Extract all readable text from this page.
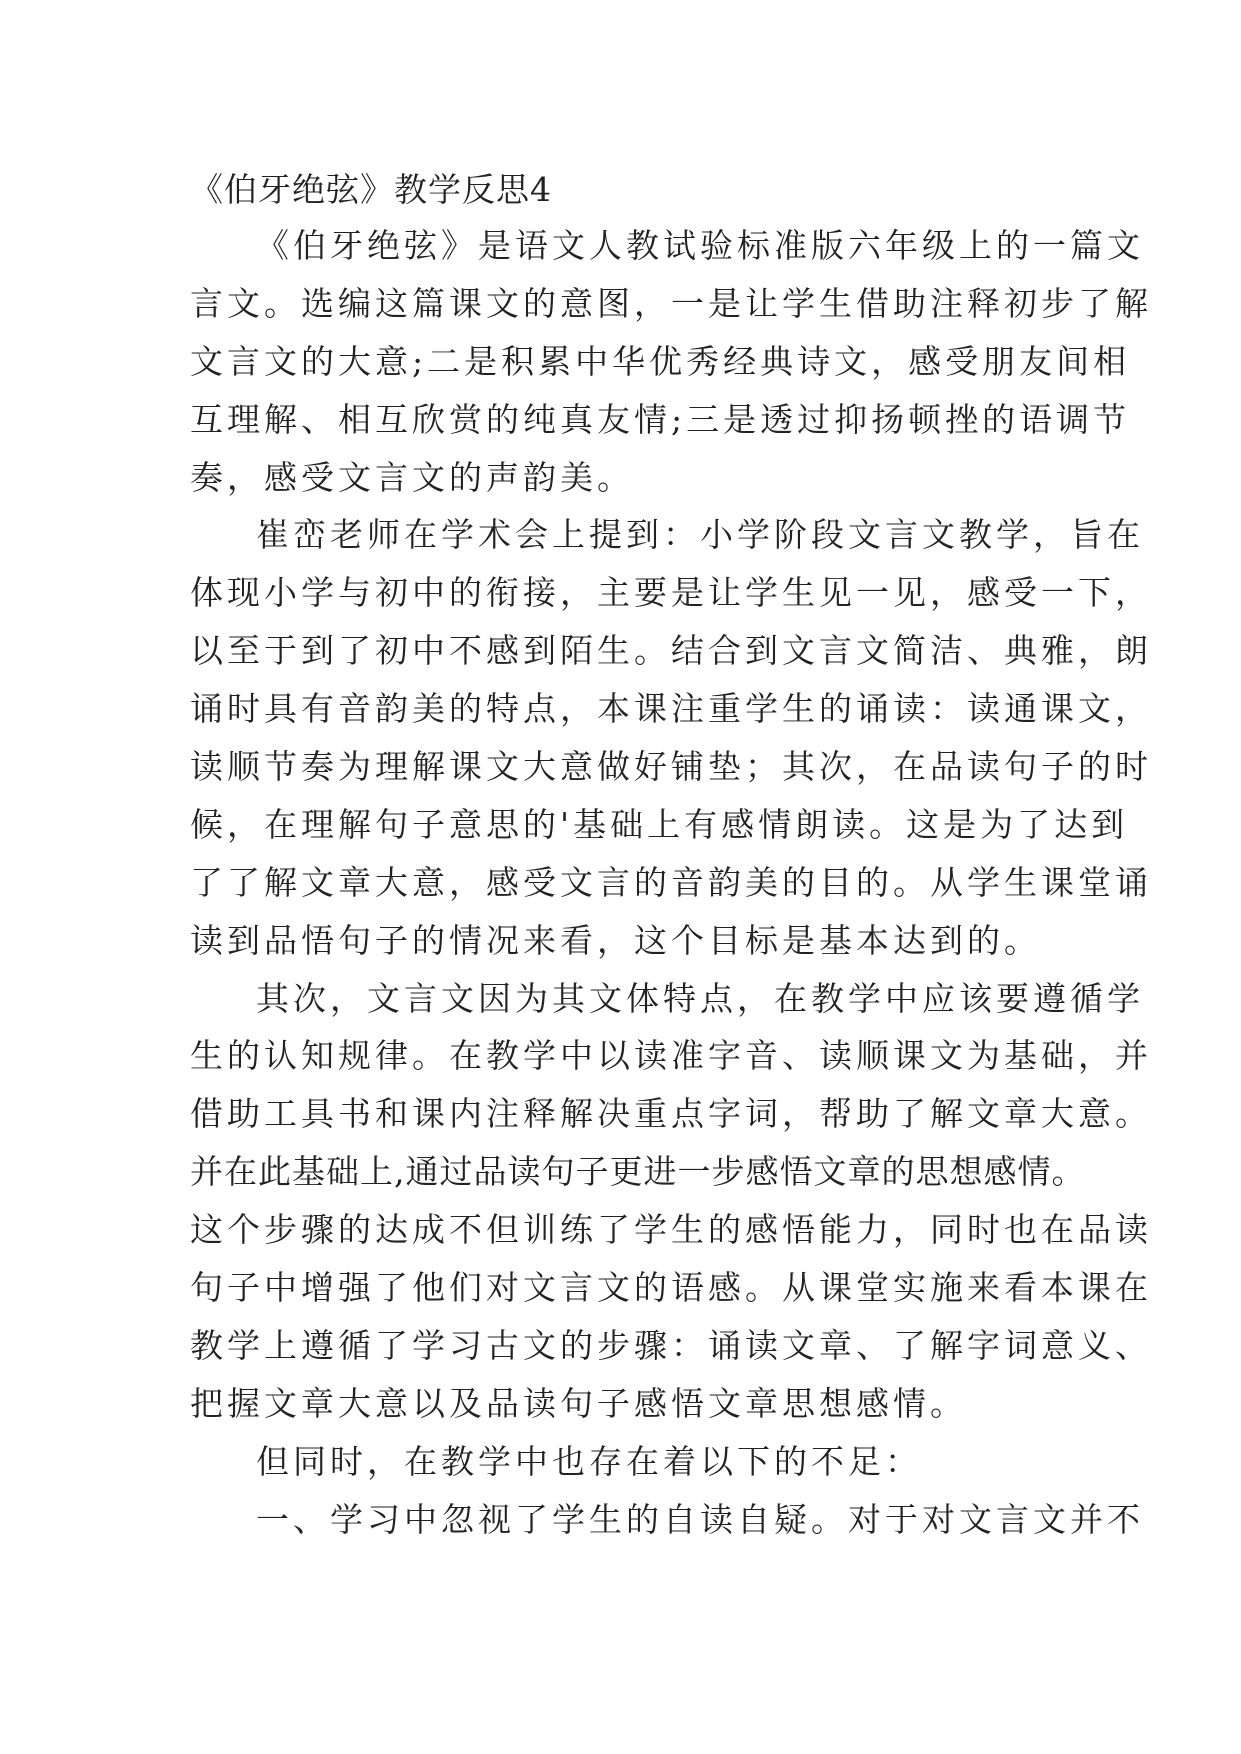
《伯牙绝弦》教学反思4
《伯牙绝弦》是语文人教试验标准版六年级上的一篇文
言文。选编这篇课文的意图，一是让学生借助注释初步了解
文言文的大意;二是积累中华优秀经典诗文，感受朋友间相
互理解、相互欣赏的纯真友情;三是透过抑扬顿挫的语调节
奏，感受文言文的声韵美。
崔峦老师在学术会上提到：小学阶段文言文教学，旨在
体现小学与初中的衔接，主要是让学生见一见，感受一下，
以至于到了初中不感到陌生。结合到文言文简洁、典雅，朗
诵时具有音韵美的特点，本课注重学生的诵读：读通课文，
读顺节奏为理解课文大意做好铺垫；其次，在品读句子的时
候，在理解句子意思的'基础上有感情朗读。这是为了达到
了了解文章大意，感受文言的音韵美的目的。从学生课堂诵
读到品悟句子的情况来看，这个目标是基本达到的。
其次，文言文因为其文体特点，在教学中应该要遵循学
生的认知规律。在教学中以读准字音、读顺课文为基础，并
借助工具书和课内注释解决重点字词，帮助了解文章大意。
并在此基础上,通过品读句子更进一步感悟文章的思想感情。
这个步骤的达成不但训练了学生的感悟能力，同时也在品读
句子中增强了他们对文言文的语感。从课堂实施来看本课在
教学上遵循了学习古文的步骤：诵读文章、了解字词意义、
把握文章大意以及品读句子感悟文章思想感情。
但同时，在教学中也存在着以下的不足：
一、学习中忽视了学生的自读自疑。对于对文言文并不
